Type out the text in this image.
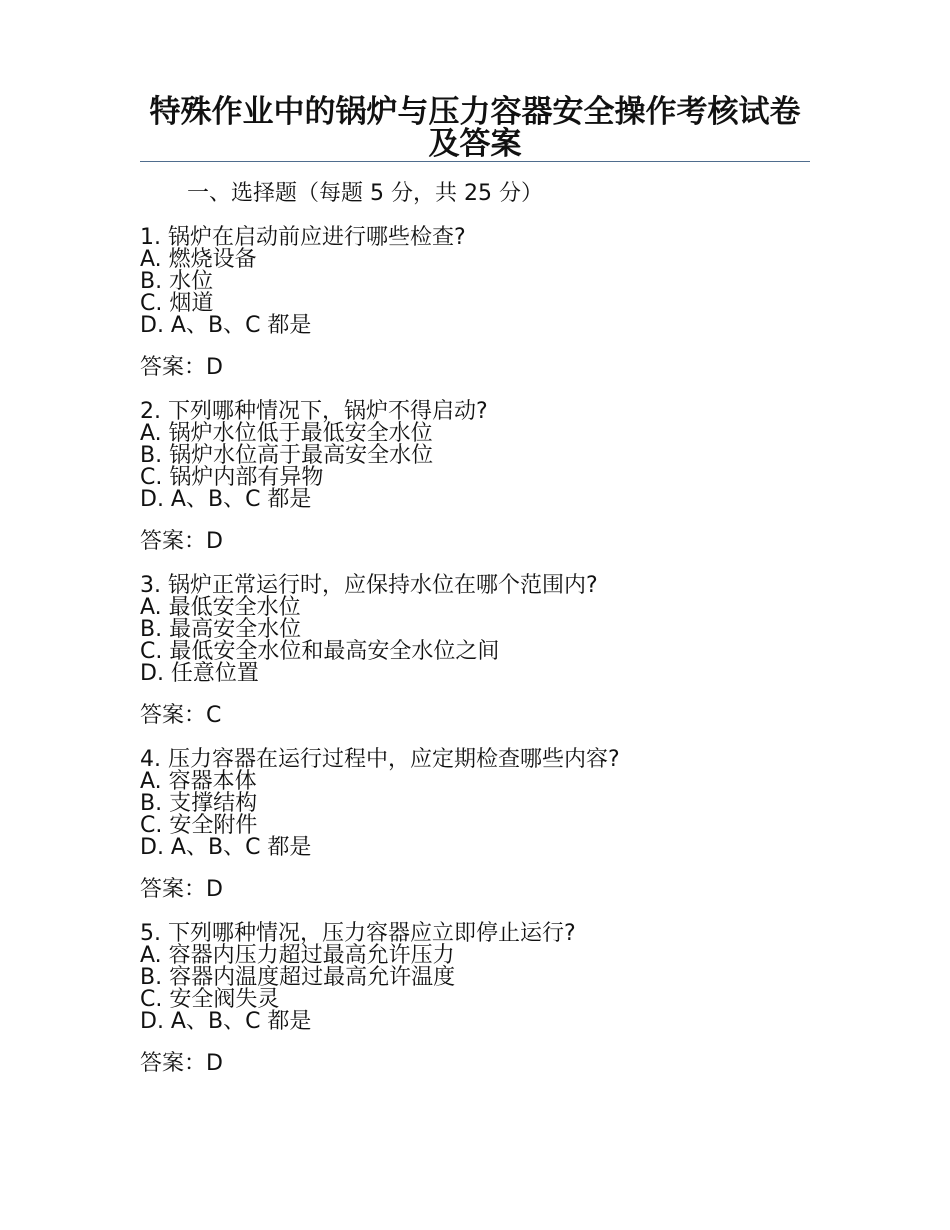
特殊作业中的锅炉与压力容器安全操作考核试卷及答案
一、选择题（每题 5 分，共 25 分）
1. 锅炉在启动前应进行哪些检查?
A. 燃烧设备
B. 水位
C. 烟道
D. A、B、C 都是
答案：D
2. 下列哪种情况下，锅炉不得启动?
A. 锅炉水位低于最低安全水位
B. 锅炉水位高于最高安全水位
C. 锅炉内部有异物
D. A、B、C 都是
答案：D
3. 锅炉正常运行时，应保持水位在哪个范围内?
A. 最低安全水位
B. 最高安全水位
C. 最低安全水位和最高安全水位之间
D. 任意位置
答案：C
4. 压力容器在运行过程中，应定期检查哪些内容?
A. 容器本体
B. 支撑结构
C. 安全附件
D. A、B、C 都是
答案：D
5. 下列哪种情况，压力容器应立即停止运行?
A. 容器内压力超过最高允许压力
B. 容器内温度超过最高允许温度
C. 安全阀失灵
D. A、B、C 都是
答案：D
